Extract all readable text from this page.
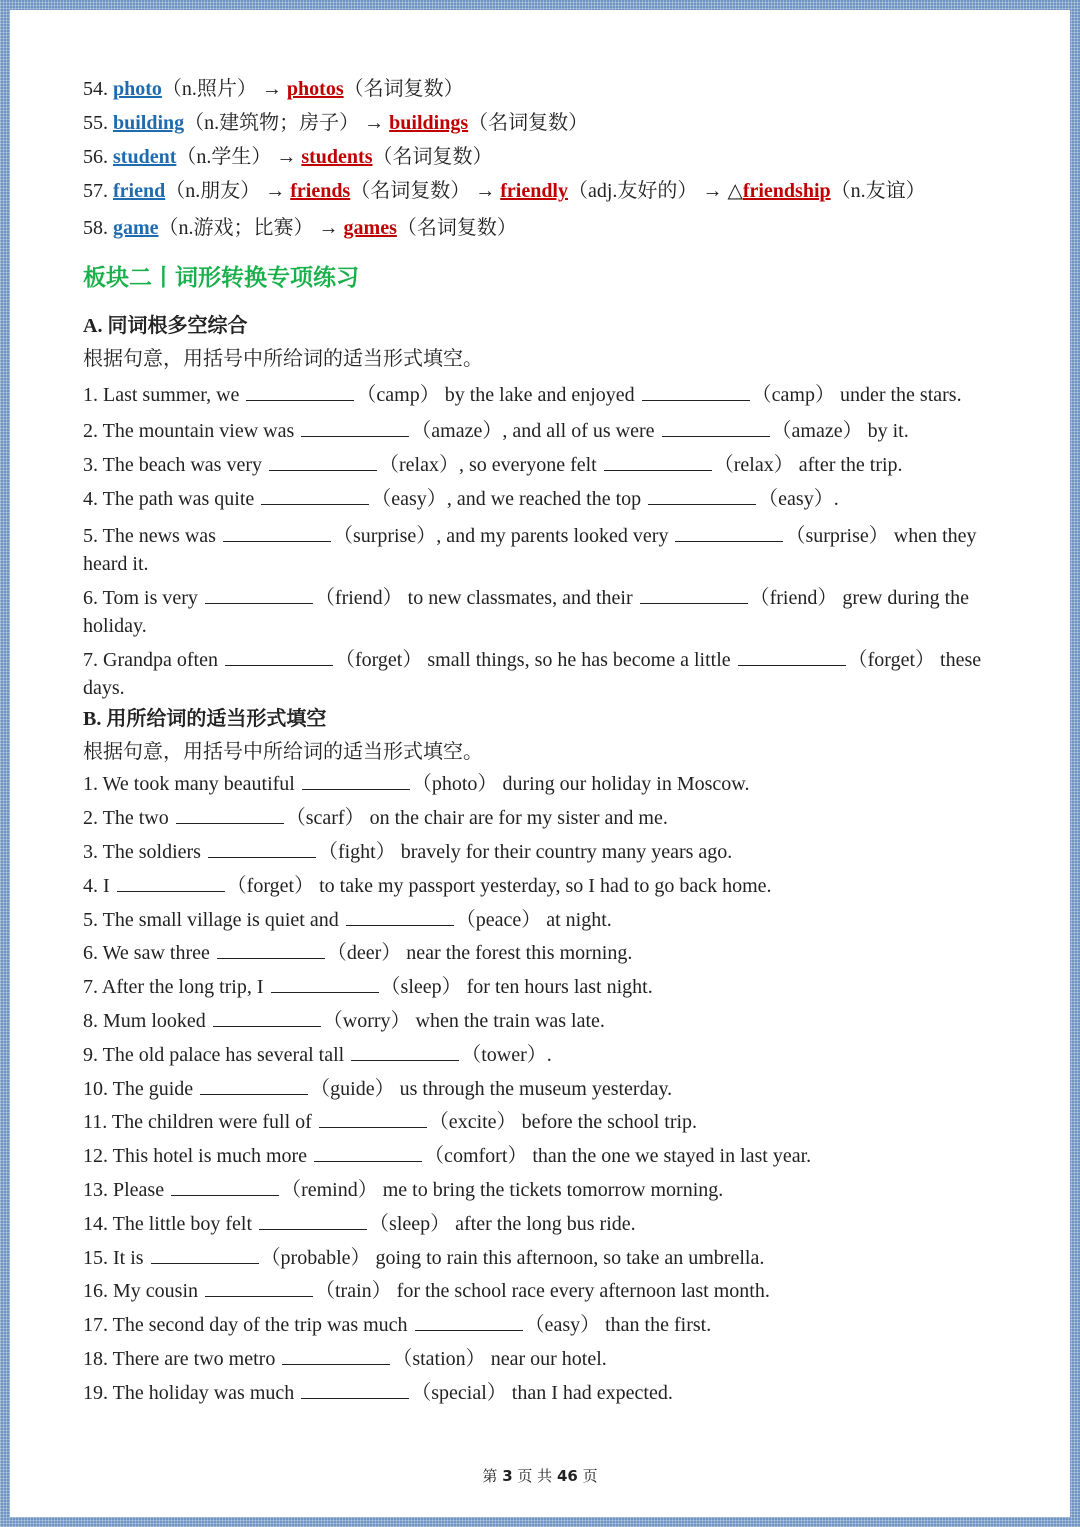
54. photo（n.照片） → photos（名词复数）
55. building（n.建筑物；房子） → buildings（名词复数）
56. student（n.学生） → students（名词复数）
57. friend（n.朋友） → friends（名词复数） → friendly（adj.友好的） → △friendship（n.友谊）
58. game（n.游戏；比赛） → games（名词复数）
板块二丨词形转换专项练习
A. 同词根多空综合
根据句意，用括号中所给词的适当形式填空。
1. Last summer, we	（camp） by the lake and enjoyed	（camp） under the stars.
2. The mountain view was	（amaze）, and all of us were	（amaze） by it.
3. The beach was very	（relax）, so everyone felt	（relax） after the trip.
4. The path was quite	（easy）, and we reached the top	（easy）.
5. The news was	（surprise）, and my parents looked very	（surprise） when they heard it.
6. Tom is very	（friend） to new classmates, and their	（friend） grew during the holiday.
7. Grandpa often	（forget） small things, so he has become a little	（forget） these days.
B. 用所给词的适当形式填空
根据句意，用括号中所给词的适当形式填空。
1. We took many beautiful	（photo） during our holiday in Moscow.
2. The two	（scarf） on the chair are for my sister and me.
3. The soldiers	（fight） bravely for their country many years ago.
4. I	（forget） to take my passport yesterday, so I had to go back home.
5. The small village is quiet and	（peace） at night.
6. We saw three	（deer） near the forest this morning.
7. After the long trip, I	（sleep） for ten hours last night.
8. Mum looked	（worry） when the train was late.
9. The old palace has several tall	（tower）.
10. The guide	（guide） us through the museum yesterday.
11. The children were full of	（excite） before the school trip.
12. This hotel is much more	（comfort） than the one we stayed in last year.
13. Please	（remind） me to bring the tickets tomorrow morning.
14. The little boy felt	（sleep） after the long bus ride.
15. It is	（probable） going to rain this afternoon, so take an umbrella.
16. My cousin	（train） for the school race every afternoon last month.
17. The second day of the trip was much	（easy） than the first.
18. There are two metro	（station） near our hotel.
19. The holiday was much	（special） than I had expected.
第 3 页 共 46 页
